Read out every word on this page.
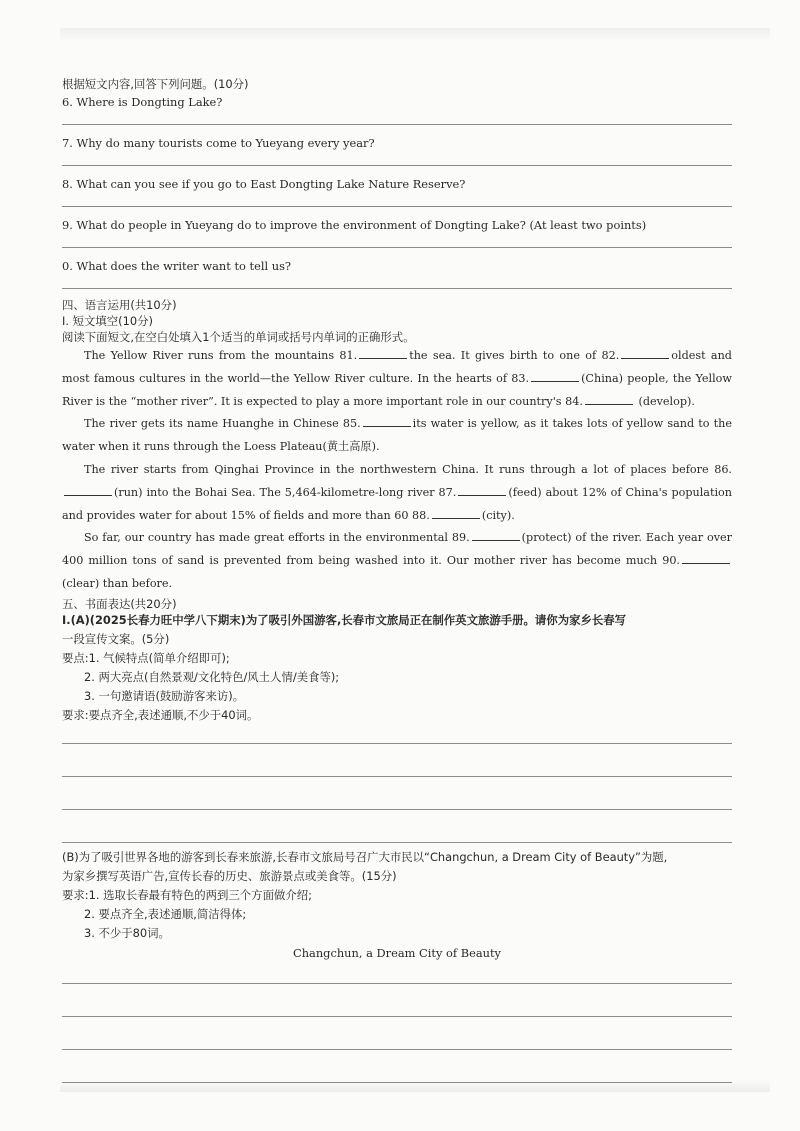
根据短文内容,回答下列问题。(10分)
6. Where is Dongting Lake?
7. Why do many tourists come to Yueyang every year?
8. What can you see if you go to East Dongting Lake Nature Reserve?
9. What do people in Yueyang do to improve the environment of Dongting Lake? (At least two points)
0. What does the writer want to tell us?
四、语言运用(共10分)
Ⅰ. 短文填空(10分)
阅读下面短文,在空白处填入1个适当的单词或括号内单词的正确形式。
The Yellow River runs from the mountains 81.	the sea. It gives birth to one of 82.	oldest and most famous cultures in the world—the Yellow River culture. In the hearts of 83.	(China) people, the Yellow River is the “mother river”. It is expected to play a more important role in our country's 84.	(develop).
The river gets its name Huanghe in Chinese 85.	its water is yellow, as it takes lots of yellow sand to the water when it runs through the Loess Plateau(黄土高原).
The river starts from Qinghai Province in the northwestern China. It runs through a lot of places before 86.(run) into the Bohai Sea. The 5,464-kilometre-long river 87.	(feed) about 12% of China's population and provides water for about 15% of fields and more than 60 88.	(city).
So far, our country has made great efforts in the environmental 89.	(protect) of the river. Each year over 400 million tons of sand is prevented from being washed into it. Our mother river has become much 90.(clear) than before.
五、书面表达(共20分)
Ⅰ.(A)(2025长春力旺中学八下期末)为了吸引外国游客,长春市文旅局正在制作英文旅游手册。请你为家乡长春写
一段宣传文案。(5分)
要点:1. 气候特点(简单介绍即可);
2. 两大亮点(自然景观/文化特色/风土人情/美食等);
3. 一句邀请语(鼓励游客来访)。
要求:要点齐全,表述通顺,不少于40词。
(B)为了吸引世界各地的游客到长春来旅游,长春市文旅局号召广大市民以“Changchun, a Dream City of Beauty”为题,
为家乡撰写英语广告,宣传长春的历史、旅游景点或美食等。(15分)
要求:1. 选取长春最有特色的两到三个方面做介绍;
2. 要点齐全,表述通顺,简洁得体;
3. 不少于80词。
Changchun, a Dream City of Beauty
